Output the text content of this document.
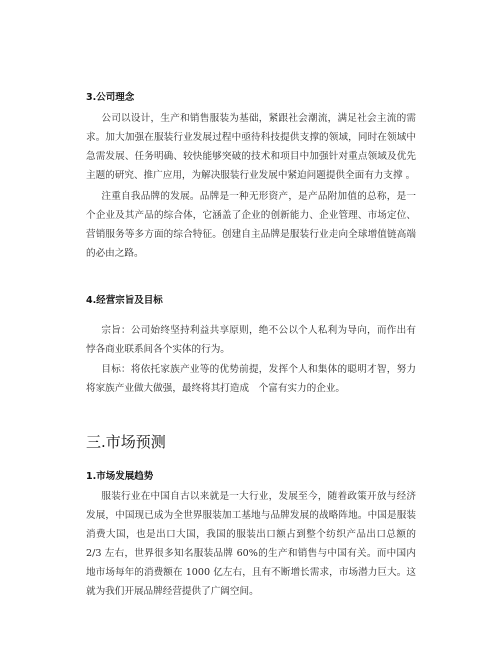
3.公司理念

公司以设计，生产和销售服装为基础，紧跟社会潮流，满足社会主流的需求。加大加强在服装行业发展过程中亟待科技提供支撑的领域，同时在领域中急需发展、任务明确、较快能够突破的技术和项目中加强针对重点领域及优先主题的研究、推广应用，为解决服装行业发展中紧迫问题提供全面有力支撑 。

注重自我品牌的发展。品牌是一种无形资产，是产品附加值的总称，是一个企业及其产品的综合体，它涵盖了企业的创新能力、企业管理、市场定位、营销服务等多方面的综合特征。创建自主品牌是服装行业走向全球增值链高端的必由之路。

4.经营宗旨及目标

宗旨：公司始终坚持利益共享原则，绝不公以个人私利为导向，而作出有悖各商业联系间各个实体的行为。

目标：将依托家族产业等的优势前提，发挥个人和集体的聪明才智，努力将家族产业做大做强，最终将其打造成　个富有实力的企业。

三.市场预测
1.市场发展趋势

服装行业在中国自古以来就是一大行业，发展至今，随着政策开放与经济发展，中国现已成为全世界服装加工基地与品牌发展的战略阵地。中国是服装消费大国，也是出口大国，我国的服装出口额占到整个纺织产品出口总额的 2/3 左右，世界很多知名服装品牌 60%的生产和销售与中国有关。而中国内地市场每年的消费额在 1000 亿左右，且有不断增长需求，市场潜力巨大。这就为我们开展品牌经营提供了广阔空间。
